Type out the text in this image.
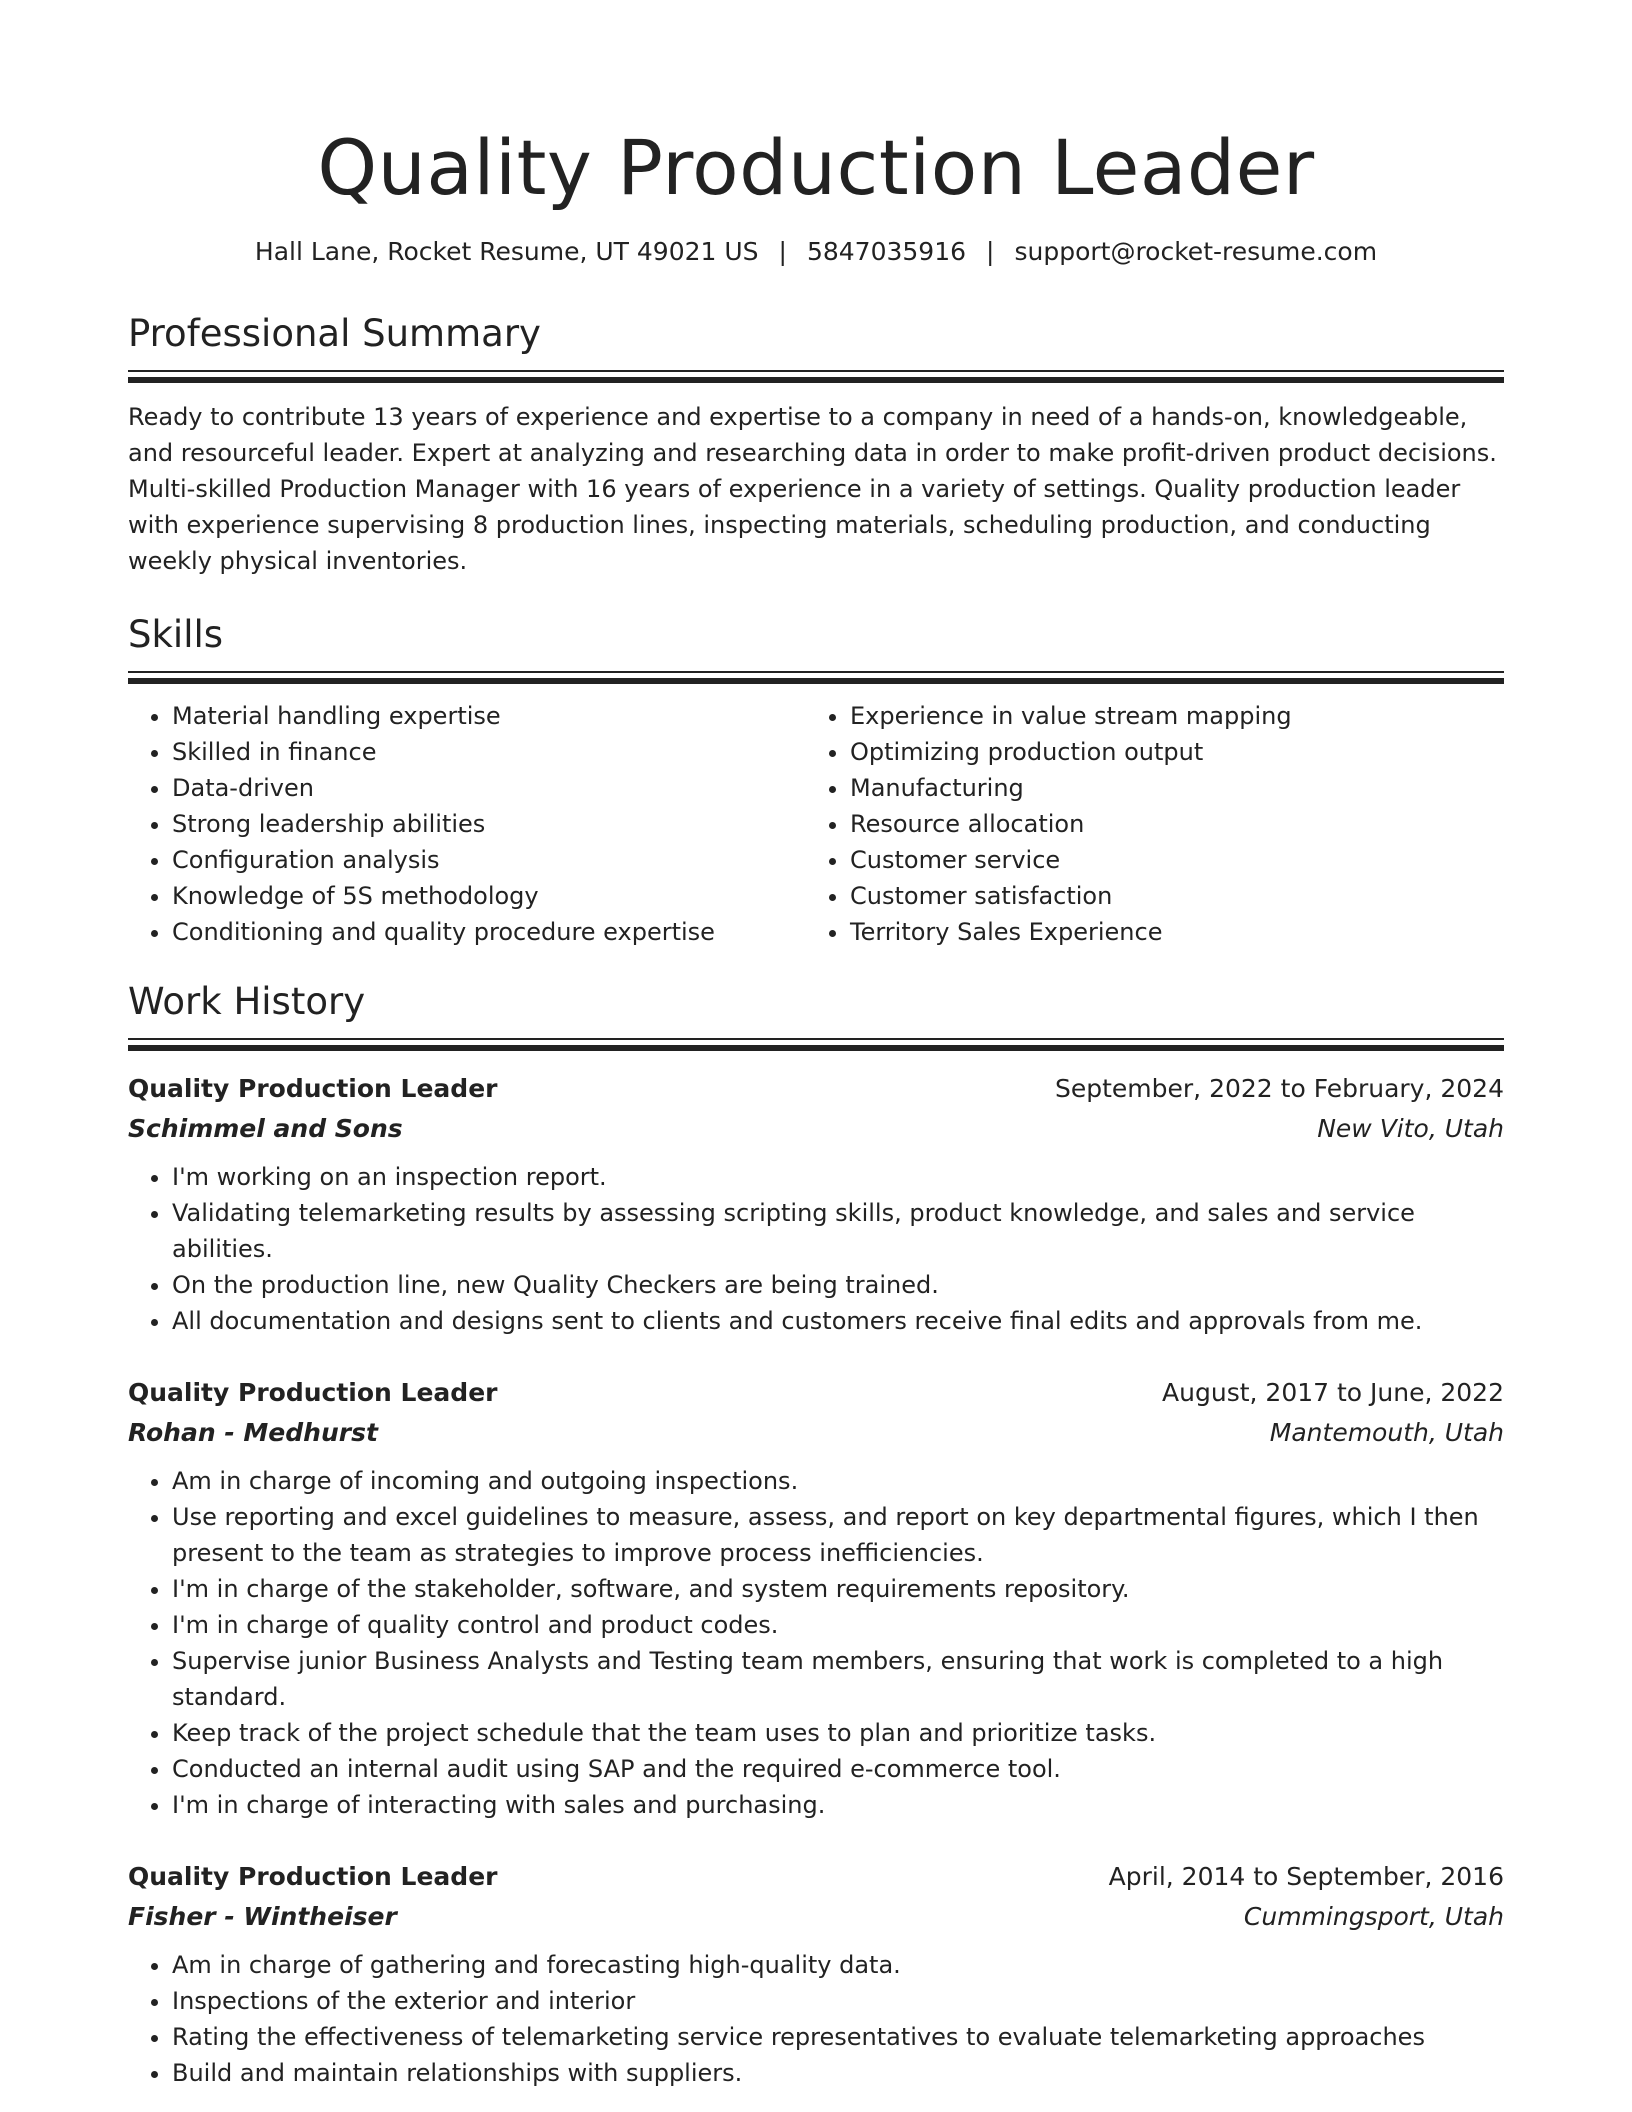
Quality Production Leader
Hall Lane, Rocket Resume, UT 49021 US | 5847035916 | support@rocket-resume.com
Professional Summary

Ready to contribute 13 years of experience and expertise to a company in need of a hands-on, knowledgeable, and resourceful leader. Expert at analyzing and researching data in order to make profit-driven product decisions. Multi-skilled Production Manager with 16 years of experience in a variety of settings. Quality production leader with experience supervising 8 production lines, inspecting materials, scheduling production, and conducting weekly physical inventories.

Skills
• Material handling expertise
• Skilled in finance
• Data-driven
• Strong leadership abilities
• Configuration analysis
• Knowledge of 5S methodology
• Conditioning and quality procedure expertise
• Experience in value stream mapping
• Optimizing production output
• Manufacturing
• Resource allocation
• Customer service
• Customer satisfaction
• Territory Sales Experience
Work History
Quality Production Leader	September, 2022 to February, 2024
Schimmel and Sons	New Vito, Utah
• I'm working on an inspection report.
• Validating telemarketing results by assessing scripting skills, product knowledge, and sales and service abilities.
• On the production line, new Quality Checkers are being trained.
• All documentation and designs sent to clients and customers receive final edits and approvals from me.
Quality Production Leader	August, 2017 to June, 2022
Rohan - Medhurst	Mantemouth, Utah
• Am in charge of incoming and outgoing inspections.
• Use reporting and excel guidelines to measure, assess, and report on key departmental figures, which I then present to the team as strategies to improve process inefficiencies.
• I'm in charge of the stakeholder, software, and system requirements repository.
• I'm in charge of quality control and product codes.
• Supervise junior Business Analysts and Testing team members, ensuring that work is completed to a high standard.
• Keep track of the project schedule that the team uses to plan and prioritize tasks.
• Conducted an internal audit using SAP and the required e-commerce tool.
• I'm in charge of interacting with sales and purchasing.
Quality Production Leader	April, 2014 to September, 2016
Fisher - Wintheiser	Cummingsport, Utah
• Am in charge of gathering and forecasting high-quality data.
• Inspections of the exterior and interior
• Rating the effectiveness of telemarketing service representatives to evaluate telemarketing approaches
• Build and maintain relationships with suppliers.
